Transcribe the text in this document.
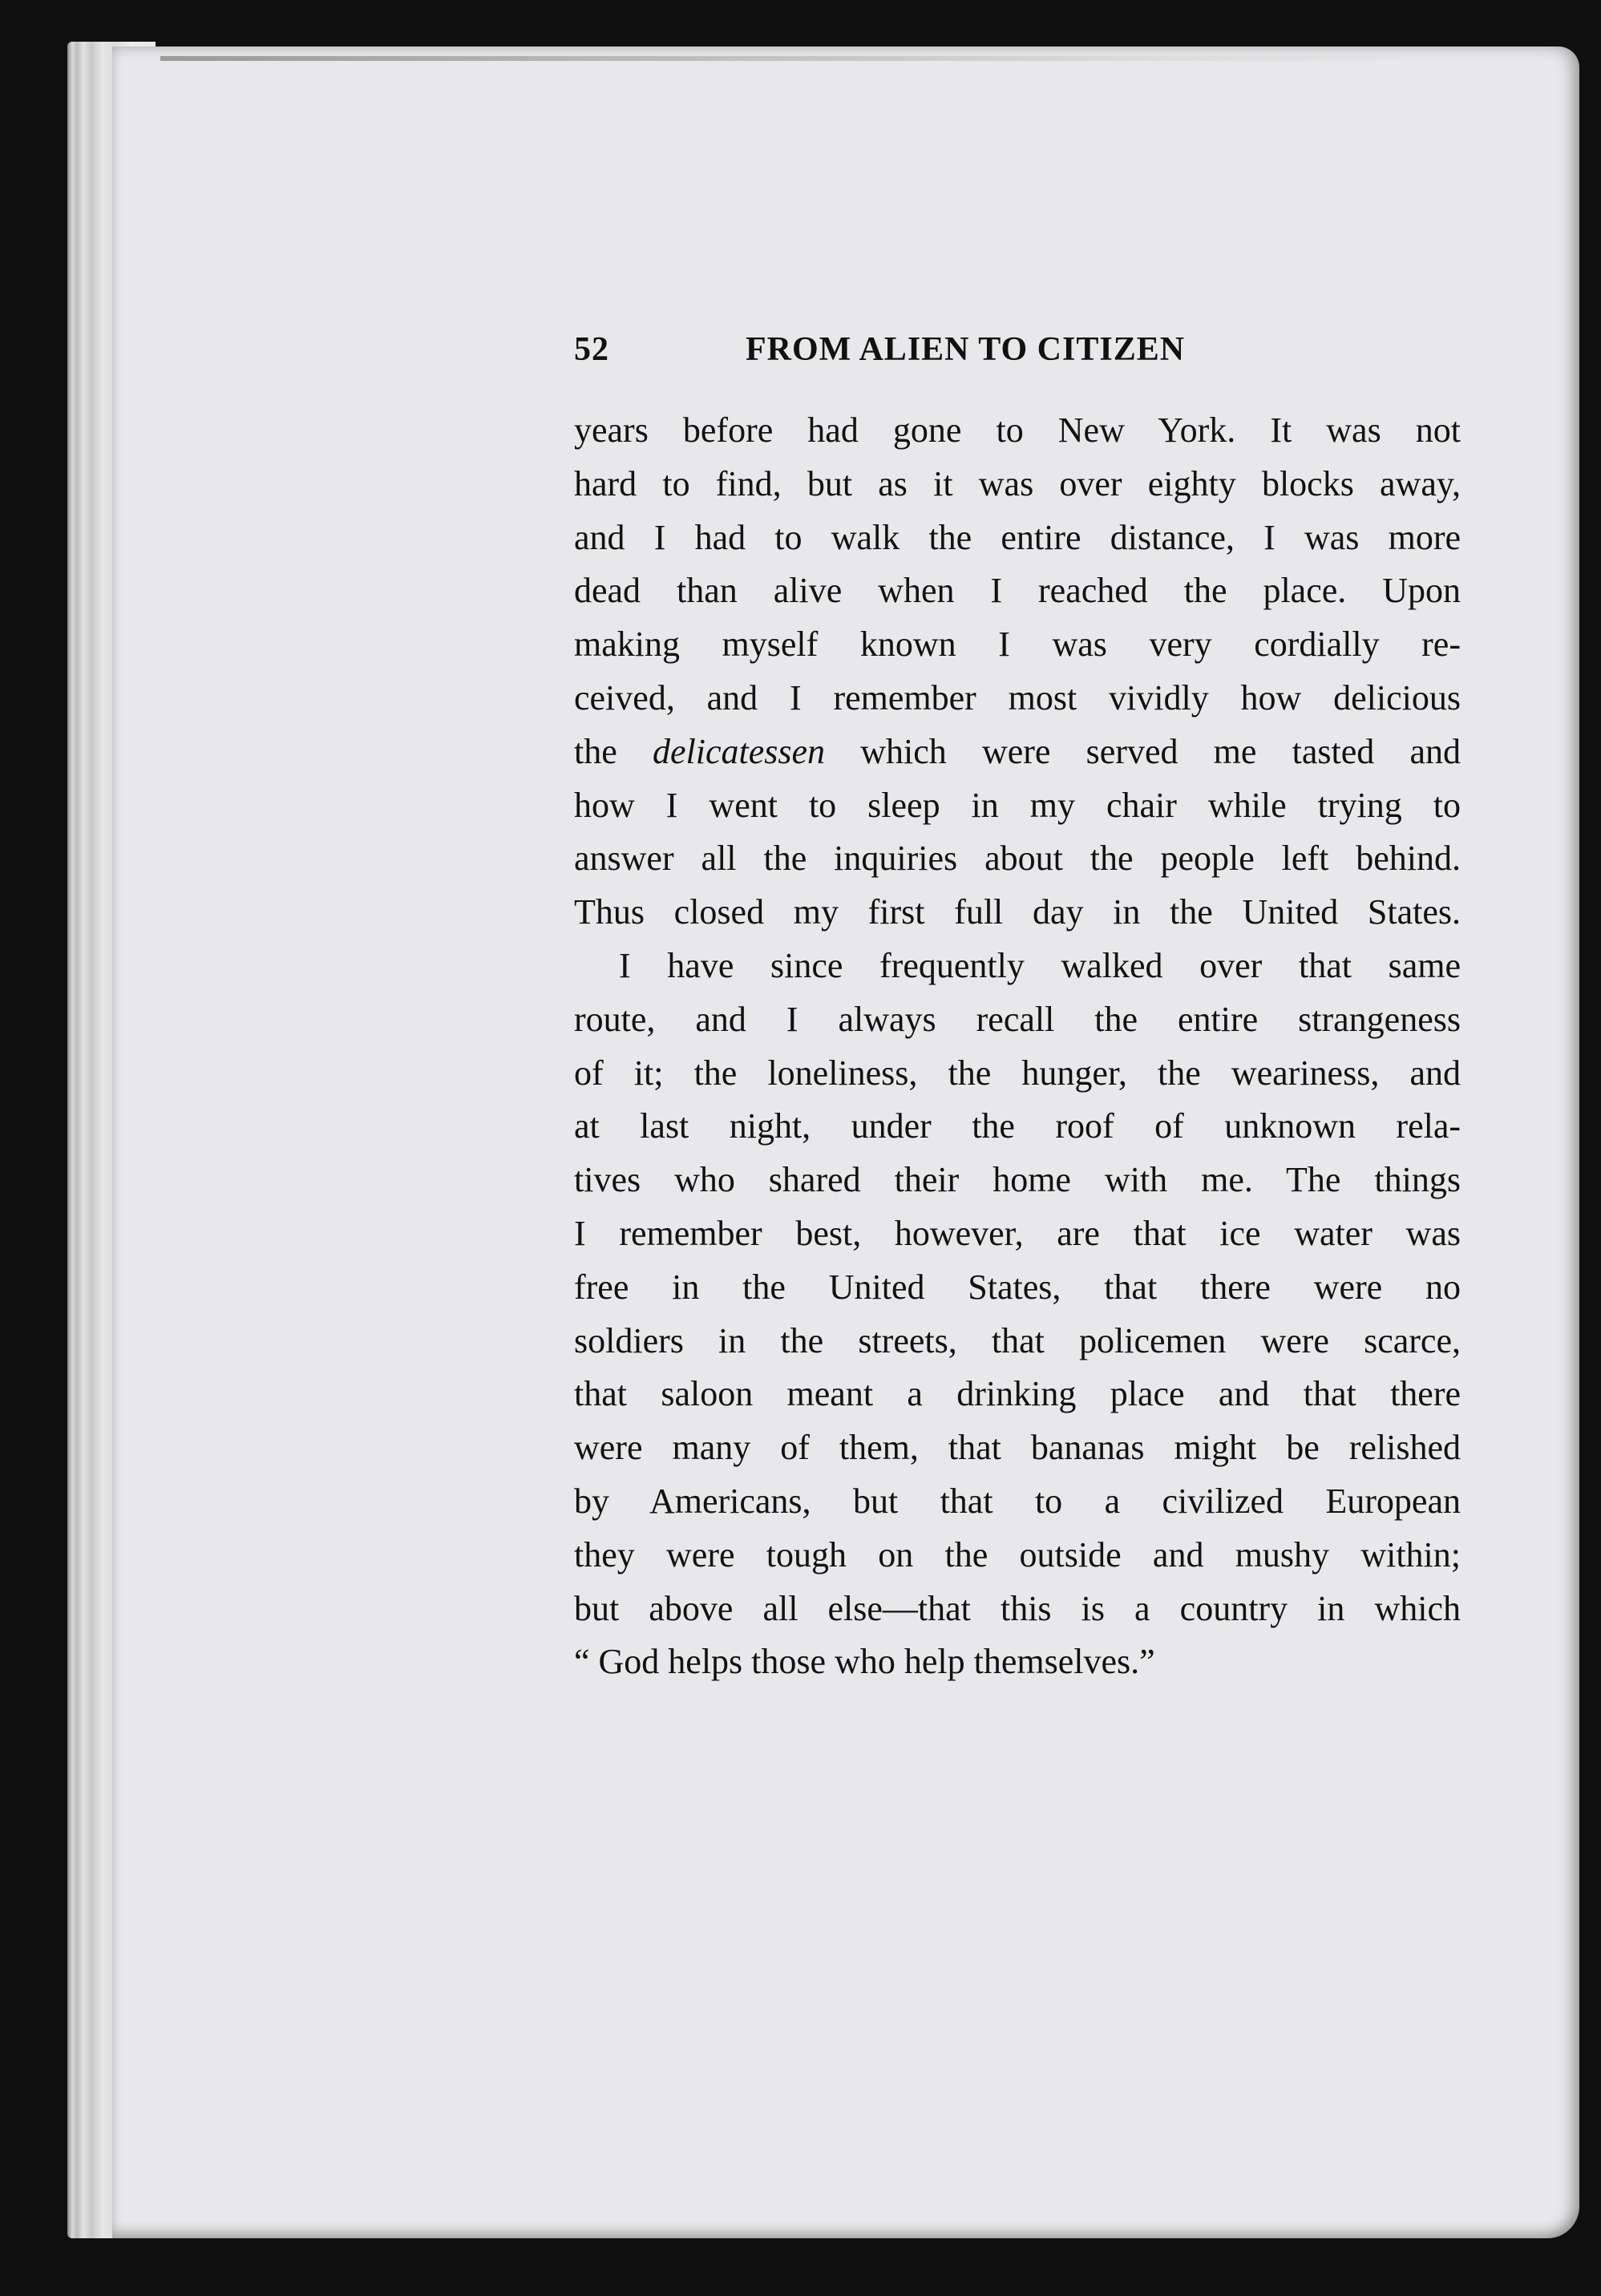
52	FROM ALIEN TO CITIZEN
years before had gone to New York. It was not
hard to find, but as it was over eighty blocks away,
and I had to walk the entire distance, I was more
dead than alive when I reached the place. Upon
making myself known I was very cordially re-
ceived, and I remember most vividly how delicious
the delicatessen which were served me tasted and
how I went to sleep in my chair while trying to
answer all the inquiries about the people left behind.
Thus closed my first full day in the United States.
I have since frequently walked over that same
route, and I always recall the entire strangeness
of it; the loneliness, the hunger, the weariness, and
at last night, under the roof of unknown rela-
tives who shared their home with me. The things
I remember best, however, are that ice water was
free in the United States, that there were no
soldiers in the streets, that policemen were scarce,
that saloon meant a drinking place and that there
were many of them, that bananas might be relished
by Americans, but that to a civilized European
they were tough on the outside and mushy within;
but above all else—that this is a country in which
“ God helps those who help themselves.”
